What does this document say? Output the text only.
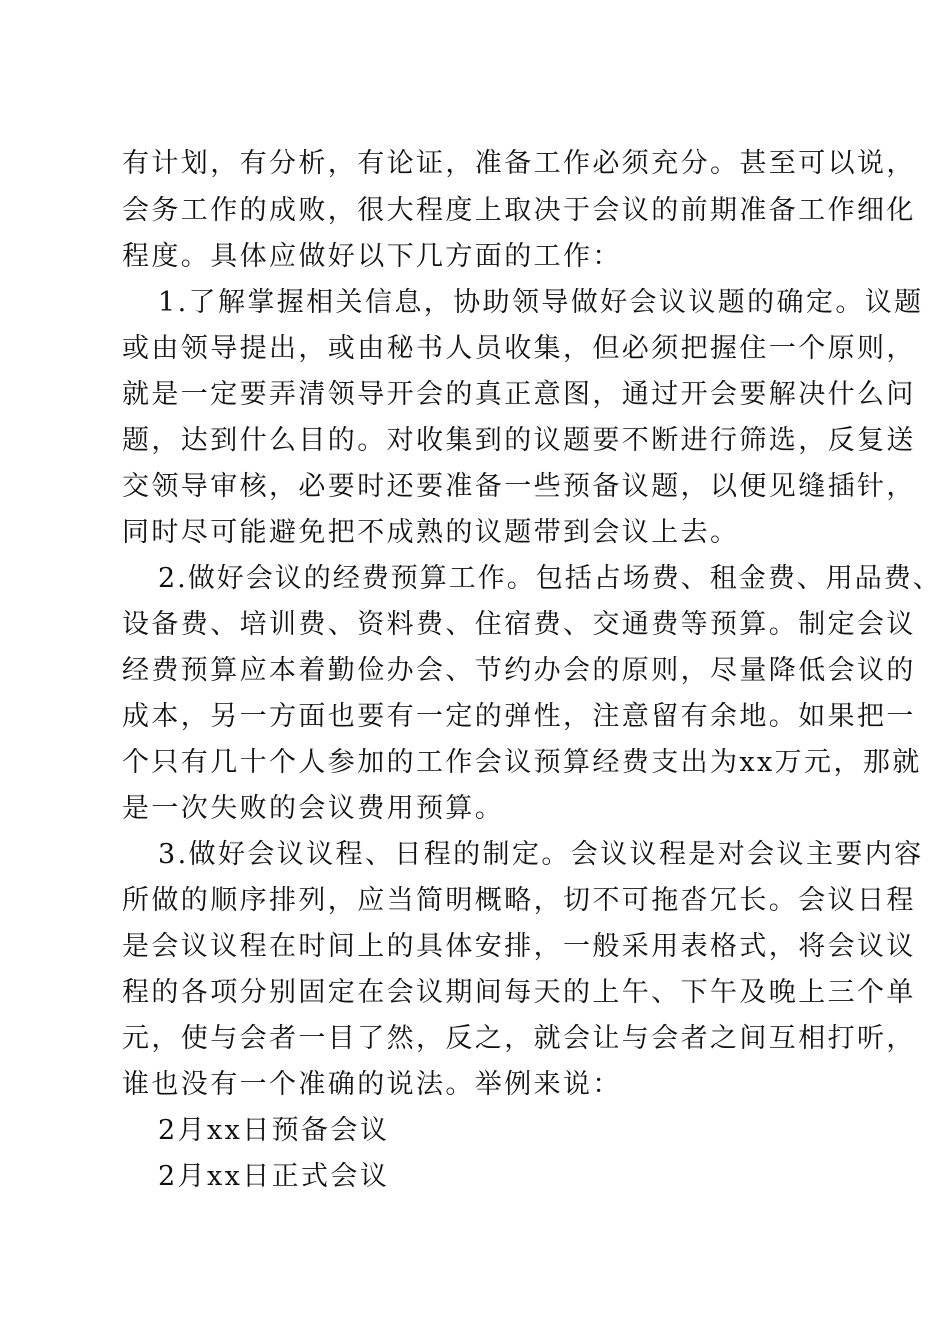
有计划，有分析，有论证，准备工作必须充分。甚至可以说，
会务工作的成败，很大程度上取决于会议的前期准备工作细化
程度。具体应做好以下几方面的工作：
1.了解掌握相关信息，协助领导做好会议议题的确定。议题
或由领导提出，或由秘书人员收集，但必须把握住一个原则，
就是一定要弄清领导开会的真正意图，通过开会要解决什么问
题，达到什么目的。对收集到的议题要不断进行筛选，反复送
交领导审核，必要时还要准备一些预备议题，以便见缝插针，
同时尽可能避免把不成熟的议题带到会议上去。
2.做好会议的经费预算工作。包括占场费、租金费、用品费、
设备费、培训费、资料费、住宿费、交通费等预算。制定会议
经费预算应本着勤俭办会、节约办会的原则，尽量降低会议的
成本，另一方面也要有一定的弹性，注意留有余地。如果把一
个只有几十个人参加的工作会议预算经费支出为xx万元，那就
是一次失败的会议费用预算。
3.做好会议议程、日程的制定。会议议程是对会议主要内容
所做的顺序排列，应当简明概略，切不可拖沓冗长。会议日程
是会议议程在时间上的具体安排，一般采用表格式，将会议议
程的各项分别固定在会议期间每天的上午、下午及晚上三个单
元，使与会者一目了然，反之，就会让与会者之间互相打听，
谁也没有一个准确的说法。举例来说：
2月xx日预备会议
2月xx日正式会议
